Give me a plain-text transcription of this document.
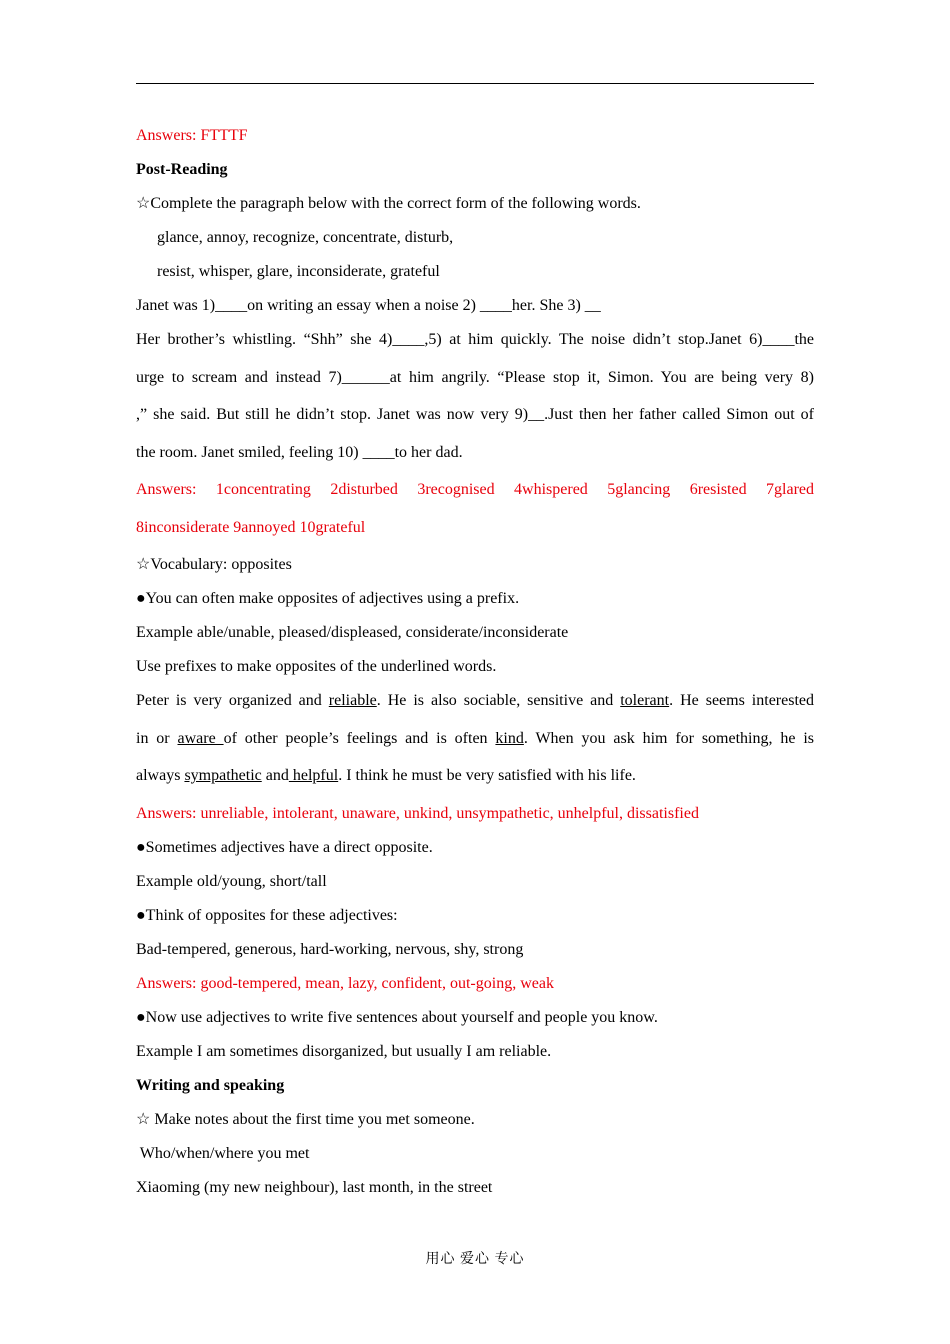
Answers: FTTTF
Post-Reading
☆Complete the paragraph below with the correct form of the following words.
glance, annoy, recognize, concentrate, disturb,
resist, whisper, glare, inconsiderate, grateful
Janet was 1)____on writing an essay when a noise 2) ____her. She 3) __
Her brother’s whistling. “Shh” she 4)____,5) at him quickly. The noise didn’t stop.Janet 6)____the
urge to scream and instead 7)______at him angrily. “Please stop it, Simon. You are being very 8)
,” she said. But still he didn’t stop. Janet was now very 9)__.Just then her father called Simon out of
the room. Janet smiled, feeling 10) ____to her dad.
Answers: 1concentrating 2disturbed 3recognised 4whispered 5glancing 6resisted 7glared
8inconsiderate 9annoyed 10grateful
☆Vocabulary: opposites
●You can often make opposites of adjectives using a prefix.
Example able/unable, pleased/displeased, considerate/inconsiderate
Use prefixes to make opposites of the underlined words.
Peter is very organized and reliable. He is also sociable, sensitive and tolerant. He seems interested
in or aware of other people’s feelings and is often kind. When you ask him for something, he is
always sympathetic and helpful. I think he must be very satisfied with his life.
Answers: unreliable, intolerant, unaware, unkind, unsympathetic, unhelpful, dissatisfied
●Sometimes adjectives have a direct opposite.
Example old/young, short/tall
●Think of opposites for these adjectives:
Bad-tempered, generous, hard-working, nervous, shy, strong
Answers: good-tempered, mean, lazy, confident, out-going, weak
●Now use adjectives to write five sentences about yourself and people you know.
Example I am sometimes disorganized, but usually I am reliable.
Writing and speaking
☆ Make notes about the first time you met someone.
Who/when/where you met
Xiaoming (my new neighbour), last month, in the street
用心 爱心 专心
